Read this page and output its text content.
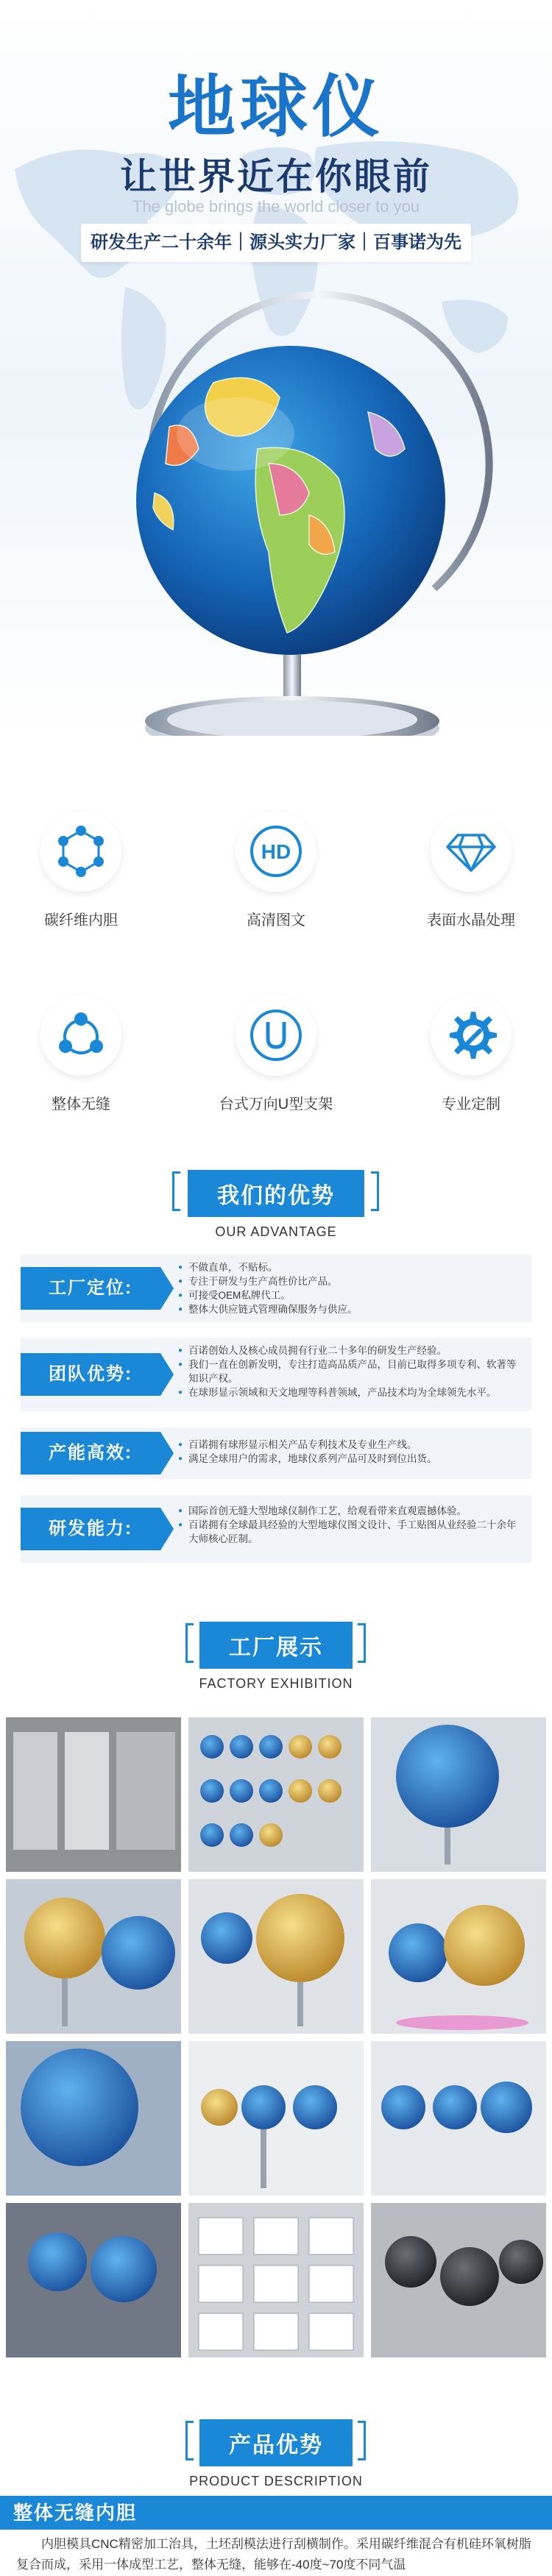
地球仪
让世界近在你眼前
The globe brings the world closer to you
研发生产二十余年｜源头实力厂家｜百事诺为先
碳纤维内胆
HD
高清图文	表面水晶处理
整体无缝	台式万向U型支架	专业定制
我们的优势
OUR ADVANTAGE
工厂定位:
● 不做直单，不贴标。
● 专注于研发与生产高性价比产品。
● 可接受OEM私牌代工。
● 整体大供应链式管理确保服务与供应。
团队优势:
● 百诺创始人及核心成员拥有行业二十多年的研发生产经验。
● 我们一直在创新发明，专注打造高品质产品，目前已取得多项专利、软著等知识产权。
● 在球形显示领域和天文地理等科普领域，产品技术均为全球领先水平。
产能高效:
●	百诺拥有球形显示相关产品专利技术及专业生产线。
● 满足全球用户的需求，地球仪系列产品可及时到位出货。
研发能力:
● 国际首创无缝大型地球仪制作工艺，给观看带来直观震撼体验。
● 百诺拥有全球最具经验的大型地球仪图文设计、手工贴图从业经验二十余年大师核心匠制。
工厂展示
FACTORY EXHIBITION
产品优势
PRODUCT DESCRIPTION
整体无缝内胆
内胆模具CNC精密加工治具，土坯刮模法进行刮横制作。采用碳纤维混合有机硅环氧树脂复合而成，采用一体成型工艺，整体无缝，能够在-40度~70度不同气温
